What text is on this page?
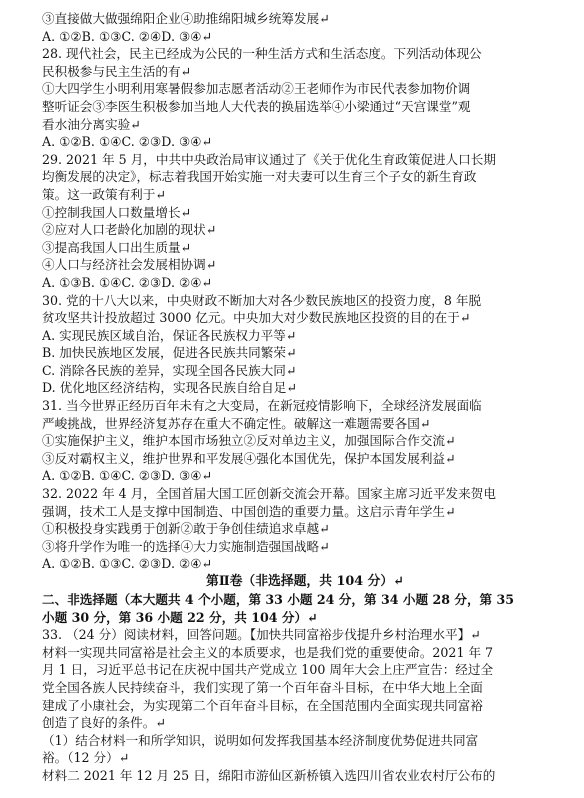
③直接做大做强绵阳企业④助推绵阳城乡统筹发展↵
A. ①②B. ①③C. ②④D. ③④↵
28. 现代社会，民主已经成为公民的一种生活方式和生活态度。下列活动体现公
民积极参与民主生活的有↵
①大四学生小明利用寒暑假参加志愿者活动②王老师作为市民代表参加物价调
整听证会③李医生积极参加当地人大代表的换届选举④小梁通过“天宫课堂”观
看水油分离实验↵
A. ①②B. ①④C. ②③D. ③④↵
29. 2021 年 5 月，中共中央政治局审议通过了《关于优化生育政策促进人口长期
均衡发展的决定》，标志着我国开始实施一对夫妻可以生育三个子女的新生育政
策。这一政策有利于↵
①控制我国人口数量增长↵
②应对人口老龄化加剧的现状↵
③提高我国人口出生质量↵
④人口与经济社会发展相协调↵
A. ①③B. ①④C. ②③D. ②④↵
30. 党的十八大以来，中央财政不断加大对各少数民族地区的投资力度，8 年脱
贫攻坚共计投放超过 3000 亿元。中央加大对少数民族地区投资的目的在于↵
A. 实现民族区域自治，保证各民族权力平等↵
B. 加快民族地区发展，促进各民族共同繁荣↵
C. 消除各民族的差异，实现全国各民族大同↵
D. 优化地区经济结构，实现各民族自给自足↵
31. 当今世界正经历百年未有之大变局，在新冠疫情影响下，全球经济发展面临
严峻挑战，世界经济复苏存在重大不确定性。破解这一难题需要各国↵
①实施保护主义，维护本国市场独立②反对单边主义，加强国际合作交流↵
③反对霸权主义，维护世界和平发展④强化本国优先，保护本国发展利益↵
A. ①②B. ①④C. ②③D. ③④↵
32. 2022 年 4 月，全国首届大国工匠创新交流会开幕。国家主席习近平发来贺电
强调，技术工人是支撑中国制造、中国创造的重要力量。这启示青年学生↵
①积极投身实践勇于创新②敢于争创佳绩追求卓越↵
③将升学作为唯一的选择④大力实施制造强国战略↵
A. ①②B. ①③C. ②③D. ②④↵
第Ⅱ卷（非选择题，共 104 分）↵
二、非选择题（本大题共 4 个小题，第 33 小题 24 分，第 34 小题 28 分，第 35
小题 30 分，第 36 小题 22 分，共 104 分）↵
33. （24 分）阅读材料，回答问题。【加快共同富裕步伐提升乡村治理水平】↵
材料一实现共同富裕是社会主义的本质要求，也是我们党的重要使命。2021 年 7
月 1 日，习近平总书记在庆祝中国共产党成立 100 周年大会上庄严宣告：经过全
党全国各族人民持续奋斗，我们实现了第一个百年奋斗目标，在中华大地上全面
建成了小康社会，为实现第二个百年奋斗目标，在全国范围内全面实现共同富裕
创造了良好的条件。↵
（1）结合材料一和所学知识，说明如何发挥我国基本经济制度优势促进共同富
裕。（12 分）↵
材料二 2021 年 12 月 25 日，绵阳市游仙区新桥镇入选四川省农业农村厅公布的
